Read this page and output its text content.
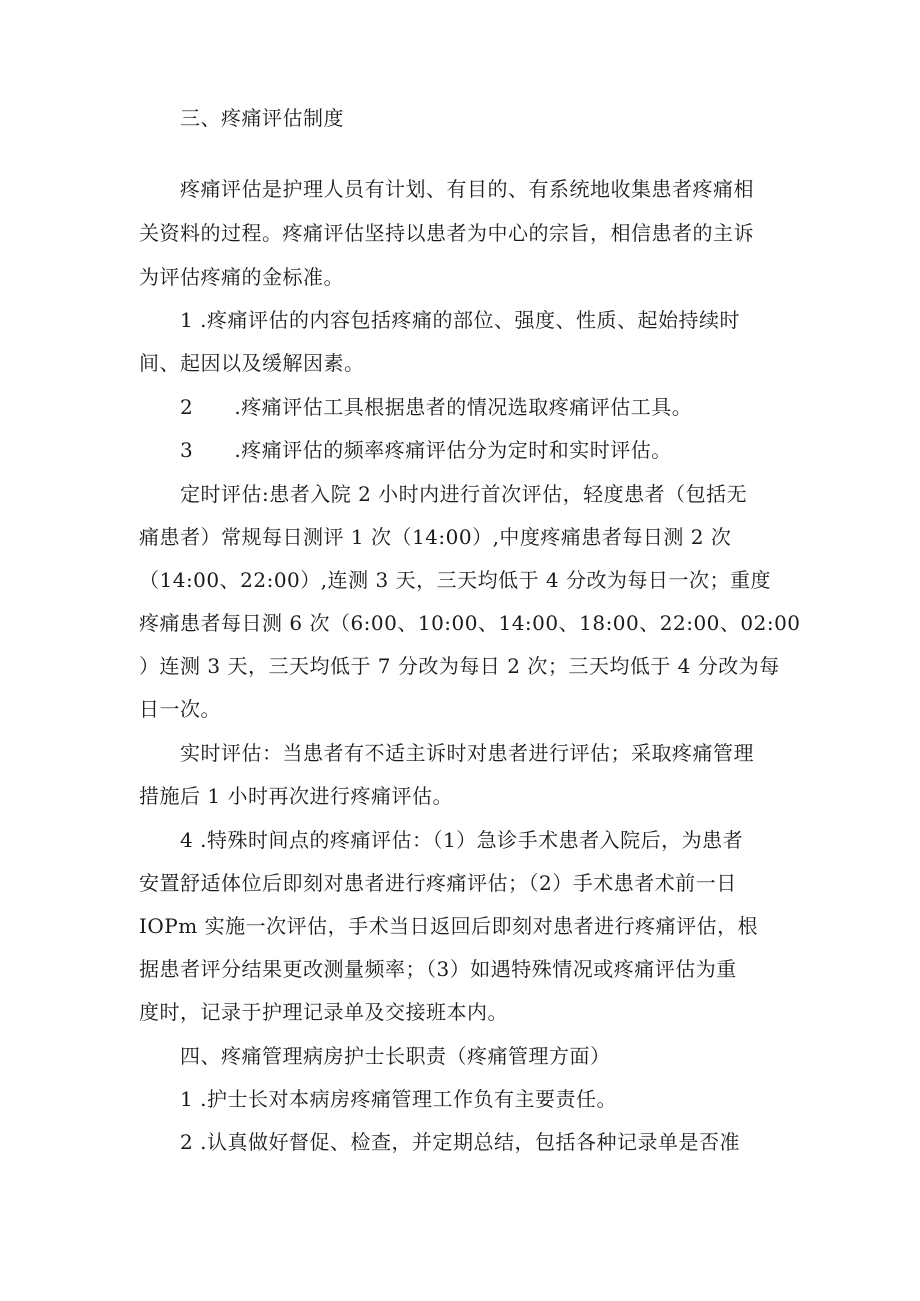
三、疼痛评估制度
疼痛评估是护理人员有计划、有目的、有系统地收集患者疼痛相
关资料的过程。疼痛评估坚持以患者为中心的宗旨，相信患者的主诉
为评估疼痛的金标准。
1 .疼痛评估的内容包括疼痛的部位、强度、性质、起始持续时
间、起因以及缓解因素。
2      .疼痛评估工具根据患者的情况选取疼痛评估工具。
3      .疼痛评估的频率疼痛评估分为定时和实时评估。
定时评估:患者入院 2 小时内进行首次评估，轻度患者（包括无
痛患者）常规每日测评 1 次（14:00）,中度疼痛患者每日测 2 次
（14:00、22:00）,连测 3 天，三天均低于 4 分改为每日一次；重度
疼痛患者每日测 6 次（6:00、10:00、14:00、18:00、22:00、02:00
）连测 3 天，三天均低于 7 分改为每日 2 次；三天均低于 4 分改为每
日一次。
实时评估：当患者有不适主诉时对患者进行评估；采取疼痛管理
措施后 1 小时再次进行疼痛评估。
4 .特殊时间点的疼痛评估：（1）急诊手术患者入院后，为患者
安置舒适体位后即刻对患者进行疼痛评估；（2）手术患者术前一日
IOPm 实施一次评估，手术当日返回后即刻对患者进行疼痛评估，根
据患者评分结果更改测量频率；（3）如遇特殊情况或疼痛评估为重
度时，记录于护理记录单及交接班本内。
四、疼痛管理病房护士长职责（疼痛管理方面）
1 .护士长对本病房疼痛管理工作负有主要责任。
2 .认真做好督促、检查，并定期总结，包括各种记录单是否准
